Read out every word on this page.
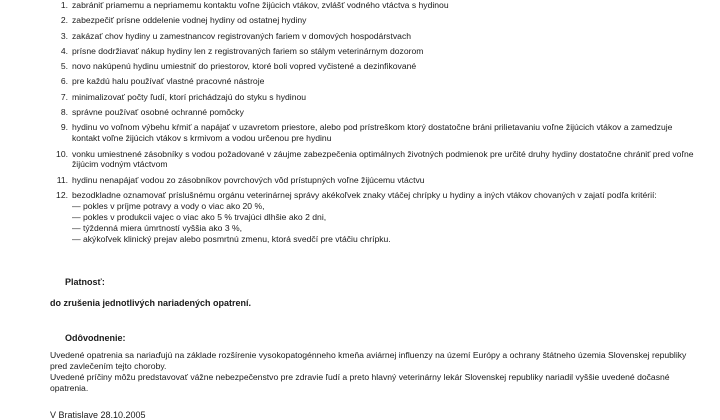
1. zabrániť priamemu a nepriamemu kontaktu voľne žijúcich vtákov, zvlášť vodného vtáctva s hydinou
2. zabezpečiť prísne oddelenie vodnej hydiny od ostatnej hydiny
3. zakázať chov hydiny u zamestnancov registrovaných fariem v domových hospodárstvach
4. prísne dodržiavať nákup hydiny len z registrovaných fariem so stálym veterinárnym dozorom
5. novo nakúpenú hydinu umiestniť do priestorov, ktoré boli vopred vyčistené a dezinfikované
6. pre každú halu používať vlastné pracovné nástroje
7. minimalizovať počty ľudí, ktorí prichádzajú do styku s hydinou
8. správne používať osobné ochranné pomôcky
9. hydinu vo voľnom výbehu kŕmiť a napájať v uzavretom priestore, alebo pod prístreškom ktorý dostatočne bráni prilietavaniu voľne žijúcich vtákov a zamedzuje kontakt voľne žijúcich vtákov s krmivom a vodou určenou pre hydinu
10. vonku umiestnené zásobníky s vodou požadované v záujme zabezpečenia optimálnych životných podmienok pre určité druhy hydiny dostatočne chrániť pred voľne žijúcim vodným vtáctvom
11. hydinu nenapájať vodou zo zásobníkov povrchových vôd prístupných voľne žijúcemu vtáctvu
12. bezodkladne oznamovať príslušnému orgánu veterinárnej správy akékoľvek znaky vtáčej chrípky u hydiny a iných vtákov chovaných v zajatí podľa kritérií:
— pokles v príjme potravy a vody o viac ako 20 %,
— pokles v produkcii vajec o viac ako 5 % trvajúci dlhšie ako 2 dni,
— týždenná miera úmrtností vyššia ako 3 %,
— akýkoľvek klinický prejav alebo posmrtnú zmenu, ktorá svedčí pre vtáčiu chrípku.
Platnosť:
do zrušenia jednotlivých nariadených opatrení.
Odôvodnenie:

Uvedené opatrenia sa nariaďujú na základe rozšírenie vysokopatogénneho kmeňa aviárnej influenzy na území Európy a ochrany štátneho územia Slovenskej republiky pred zavlečením tejto choroby.

Uvedené príčiny môžu predstavovať vážne nebezpečenstvo pre zdravie ľudí a preto hlavný veterinárny lekár Slovenskej republiky nariadil vyššie uvedené dočasné opatrenia.

V Bratislave 28.10.2005
